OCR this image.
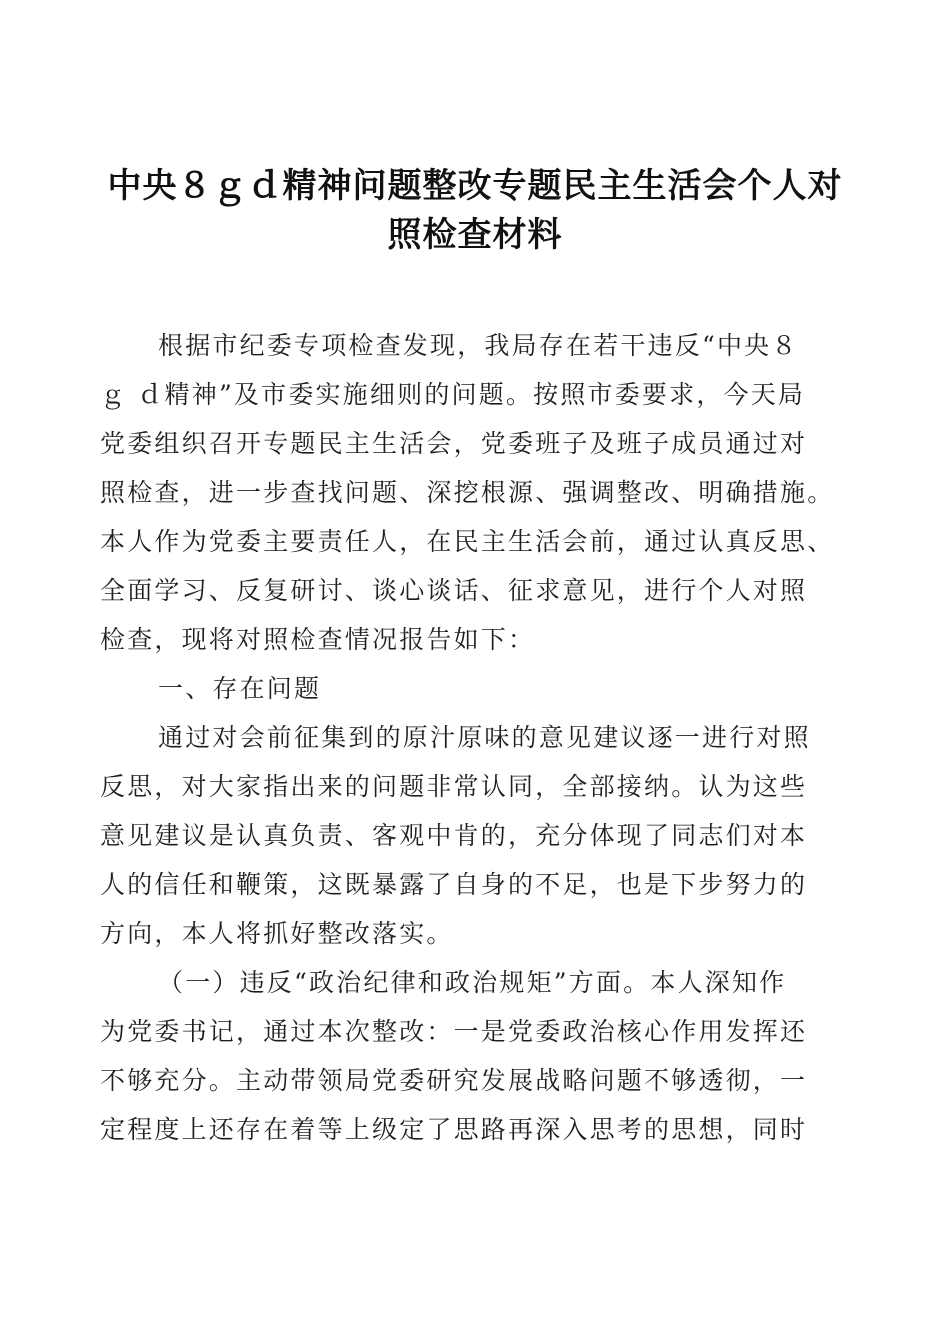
中央８ｇｄ精神问题整改专题民主生活会个人对
照检查材料
根据市纪委专项检查发现，我局存在若干违反“中央８
ｇ ｄ精神”及市委实施细则的问题。按照市委要求，今天局
党委组织召开专题民主生活会，党委班子及班子成员通过对
照检查，进一步查找问题、深挖根源、强调整改、明确措施。
本人作为党委主要责任人，在民主生活会前，通过认真反思、
全面学习、反复研讨、谈心谈话、征求意见，进行个人对照
检查，现将对照检查情况报告如下：
一、存在问题
通过对会前征集到的原汁原味的意见建议逐一进行对照
反思，对大家指出来的问题非常认同，全部接纳。认为这些
意见建议是认真负责、客观中肯的，充分体现了同志们对本
人的信任和鞭策，这既暴露了自身的不足，也是下步努力的
方向，本人将抓好整改落实。
（一）违反“政治纪律和政治规矩”方面。本人深知作
为党委书记，通过本次整改：一是党委政治核心作用发挥还
不够充分。主动带领局党委研究发展战略问题不够透彻，一
定程度上还存在着等上级定了思路再深入思考的思想，同时
